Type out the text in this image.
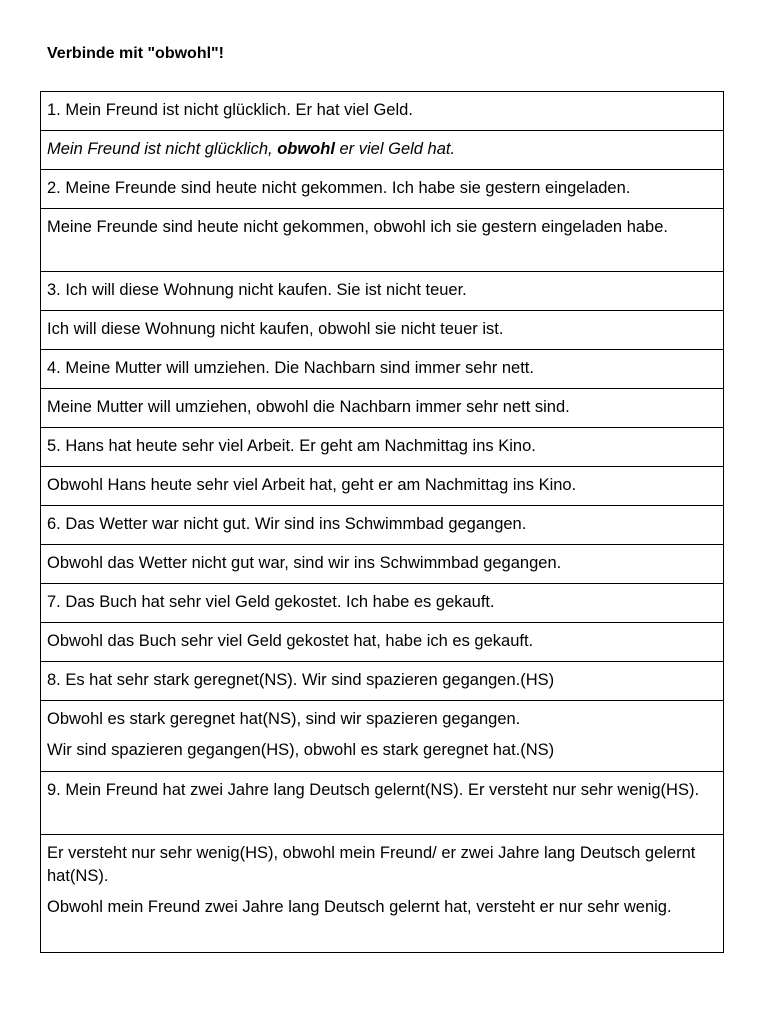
Verbinde mit "obwohl"!
1. Mein Freund ist nicht glücklich. Er hat viel Geld.
Mein Freund ist nicht glücklich, obwohl er viel Geld hat.
2. Meine Freunde sind heute nicht gekommen. Ich habe sie gestern eingeladen.
Meine Freunde sind heute nicht gekommen, obwohl ich sie gestern eingeladen habe.
3. Ich will diese Wohnung nicht kaufen. Sie ist nicht teuer.
Ich will diese Wohnung nicht kaufen, obwohl sie nicht teuer ist.
4. Meine Mutter will umziehen. Die Nachbarn sind immer sehr nett.
Meine Mutter will umziehen, obwohl die Nachbarn immer sehr nett sind.
5. Hans hat heute sehr viel Arbeit. Er geht am Nachmittag ins Kino.
Obwohl Hans heute sehr viel Arbeit hat, geht er am Nachmittag ins Kino.
6. Das Wetter war nicht gut. Wir sind ins Schwimmbad gegangen.
Obwohl das Wetter nicht gut war, sind wir ins Schwimmbad gegangen.
7. Das Buch hat sehr viel Geld gekostet. Ich habe es gekauft.
Obwohl das Buch sehr viel Geld gekostet hat, habe ich es gekauft.
8. Es hat sehr stark geregnet(NS). Wir sind spazieren gegangen.(HS)

Obwohl es stark geregnet hat(NS), sind wir spazieren gegangen.
Wir sind spazieren gegangen(HS), obwohl es stark geregnet hat.(NS)

9. Mein Freund hat zwei Jahre lang Deutsch gelernt(NS). Er versteht nur sehr wenig(HS).

Er versteht nur sehr wenig(HS), obwohl mein Freund/ er zwei Jahre lang Deutsch gelernt hat(NS).
Obwohl mein Freund zwei Jahre lang Deutsch gelernt hat, versteht er nur sehr wenig.
